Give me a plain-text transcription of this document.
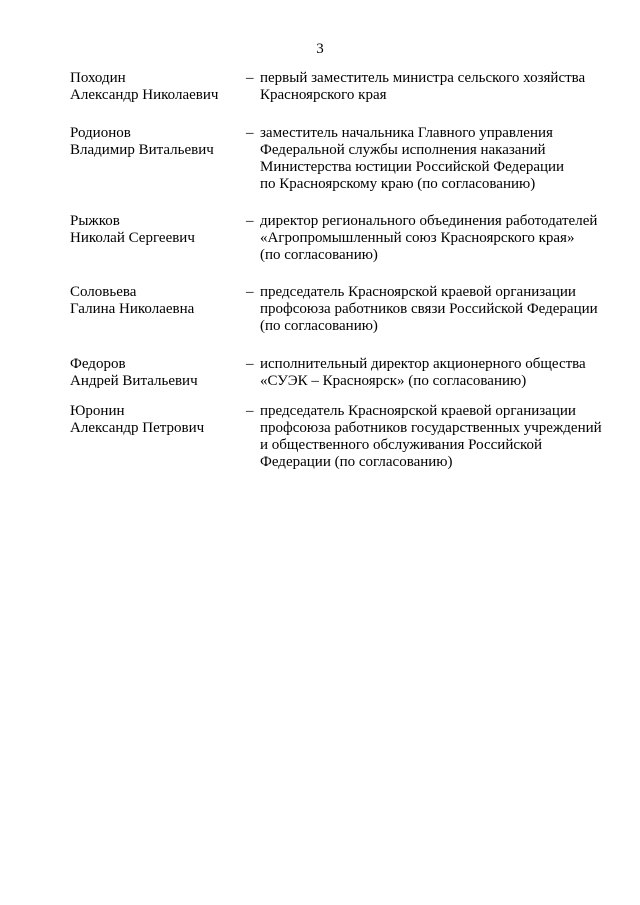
3
Походин
Александр Николаевич
– первый заместитель министра сельского хозяйства
Красноярского края
Родионов
Владимир Витальевич
– заместитель начальника Главного управления
Федеральной службы исполнения наказаний
Министерства юстиции Российской Федерации
по Красноярскому краю (по согласованию)
Рыжков
Николай Сергеевич
– директор регионального объединения работодателей
«Агропромышленный союз Красноярского края»
(по согласованию)
Соловьева
Галина Николаевна
– председатель Красноярской краевой организации
профсоюза работников связи Российской Федерации
(по согласованию)
Федоров
Андрей Витальевич
– исполнительный директор акционерного общества
«СУЭК – Красноярск» (по согласованию)
Юронин
Александр Петрович
– председатель Красноярской краевой организации
профсоюза работников государственных учреждений
и общественного обслуживания Российской
Федерации (по согласованию)
